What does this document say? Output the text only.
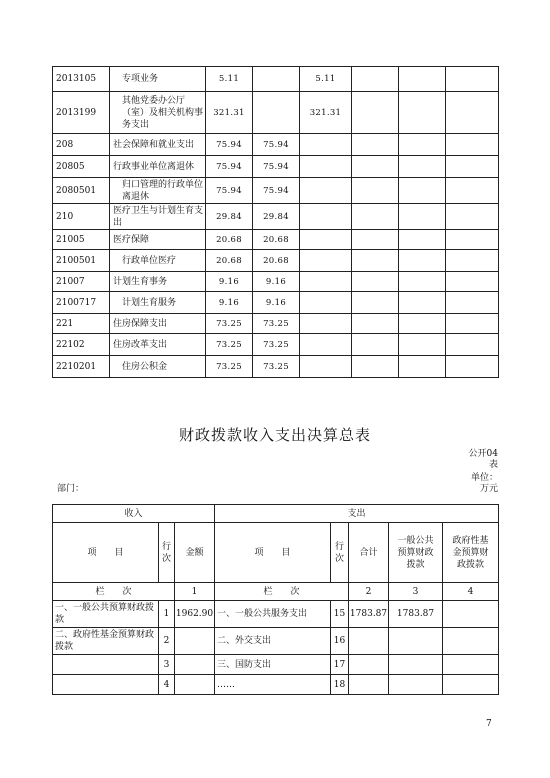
2013105	专项业务	5.11		5.11			
2013199	其他党委办公厅（室）及相关机构事务支出	321.31		321.31			
208	社会保障和就业支出	75.94	75.94				
20805	行政事业单位离退休	75.94	75.94				
2080501	归口管理的行政单位离退休	75.94	75.94				
210	医疗卫生与计划生育支出	29.84	29.84				
21005	医疗保障	20.68	20.68				
2100501	行政单位医疗	20.68	20.68				
21007	计划生育事务	9.16	9.16				
2100717	计划生育服务	9.16	9.16				
221	住房保障支出	73.25	73.25				
22102	住房改革支出	73.25	73.25				
2210201	住房公积金	73.25	73.25				
财政拨款收入支出决算总表
公开04表
单位：万元
部门：
收入			支出				
项　　目	行次	金额	项　　目	行次	合计	一般公共预算财政拨款	政府性基金预算财政拨款
栏　　次		1	栏　　次		2	3	4
一、一般公共预算财政拨款	1	1962.90	一、一般公共服务支出	15	1783.87	1783.87	
二、政府性基金预算财政拨款	2		二、外交支出	16			
	3		三、国防支出	17			
	4		……	18			
7
